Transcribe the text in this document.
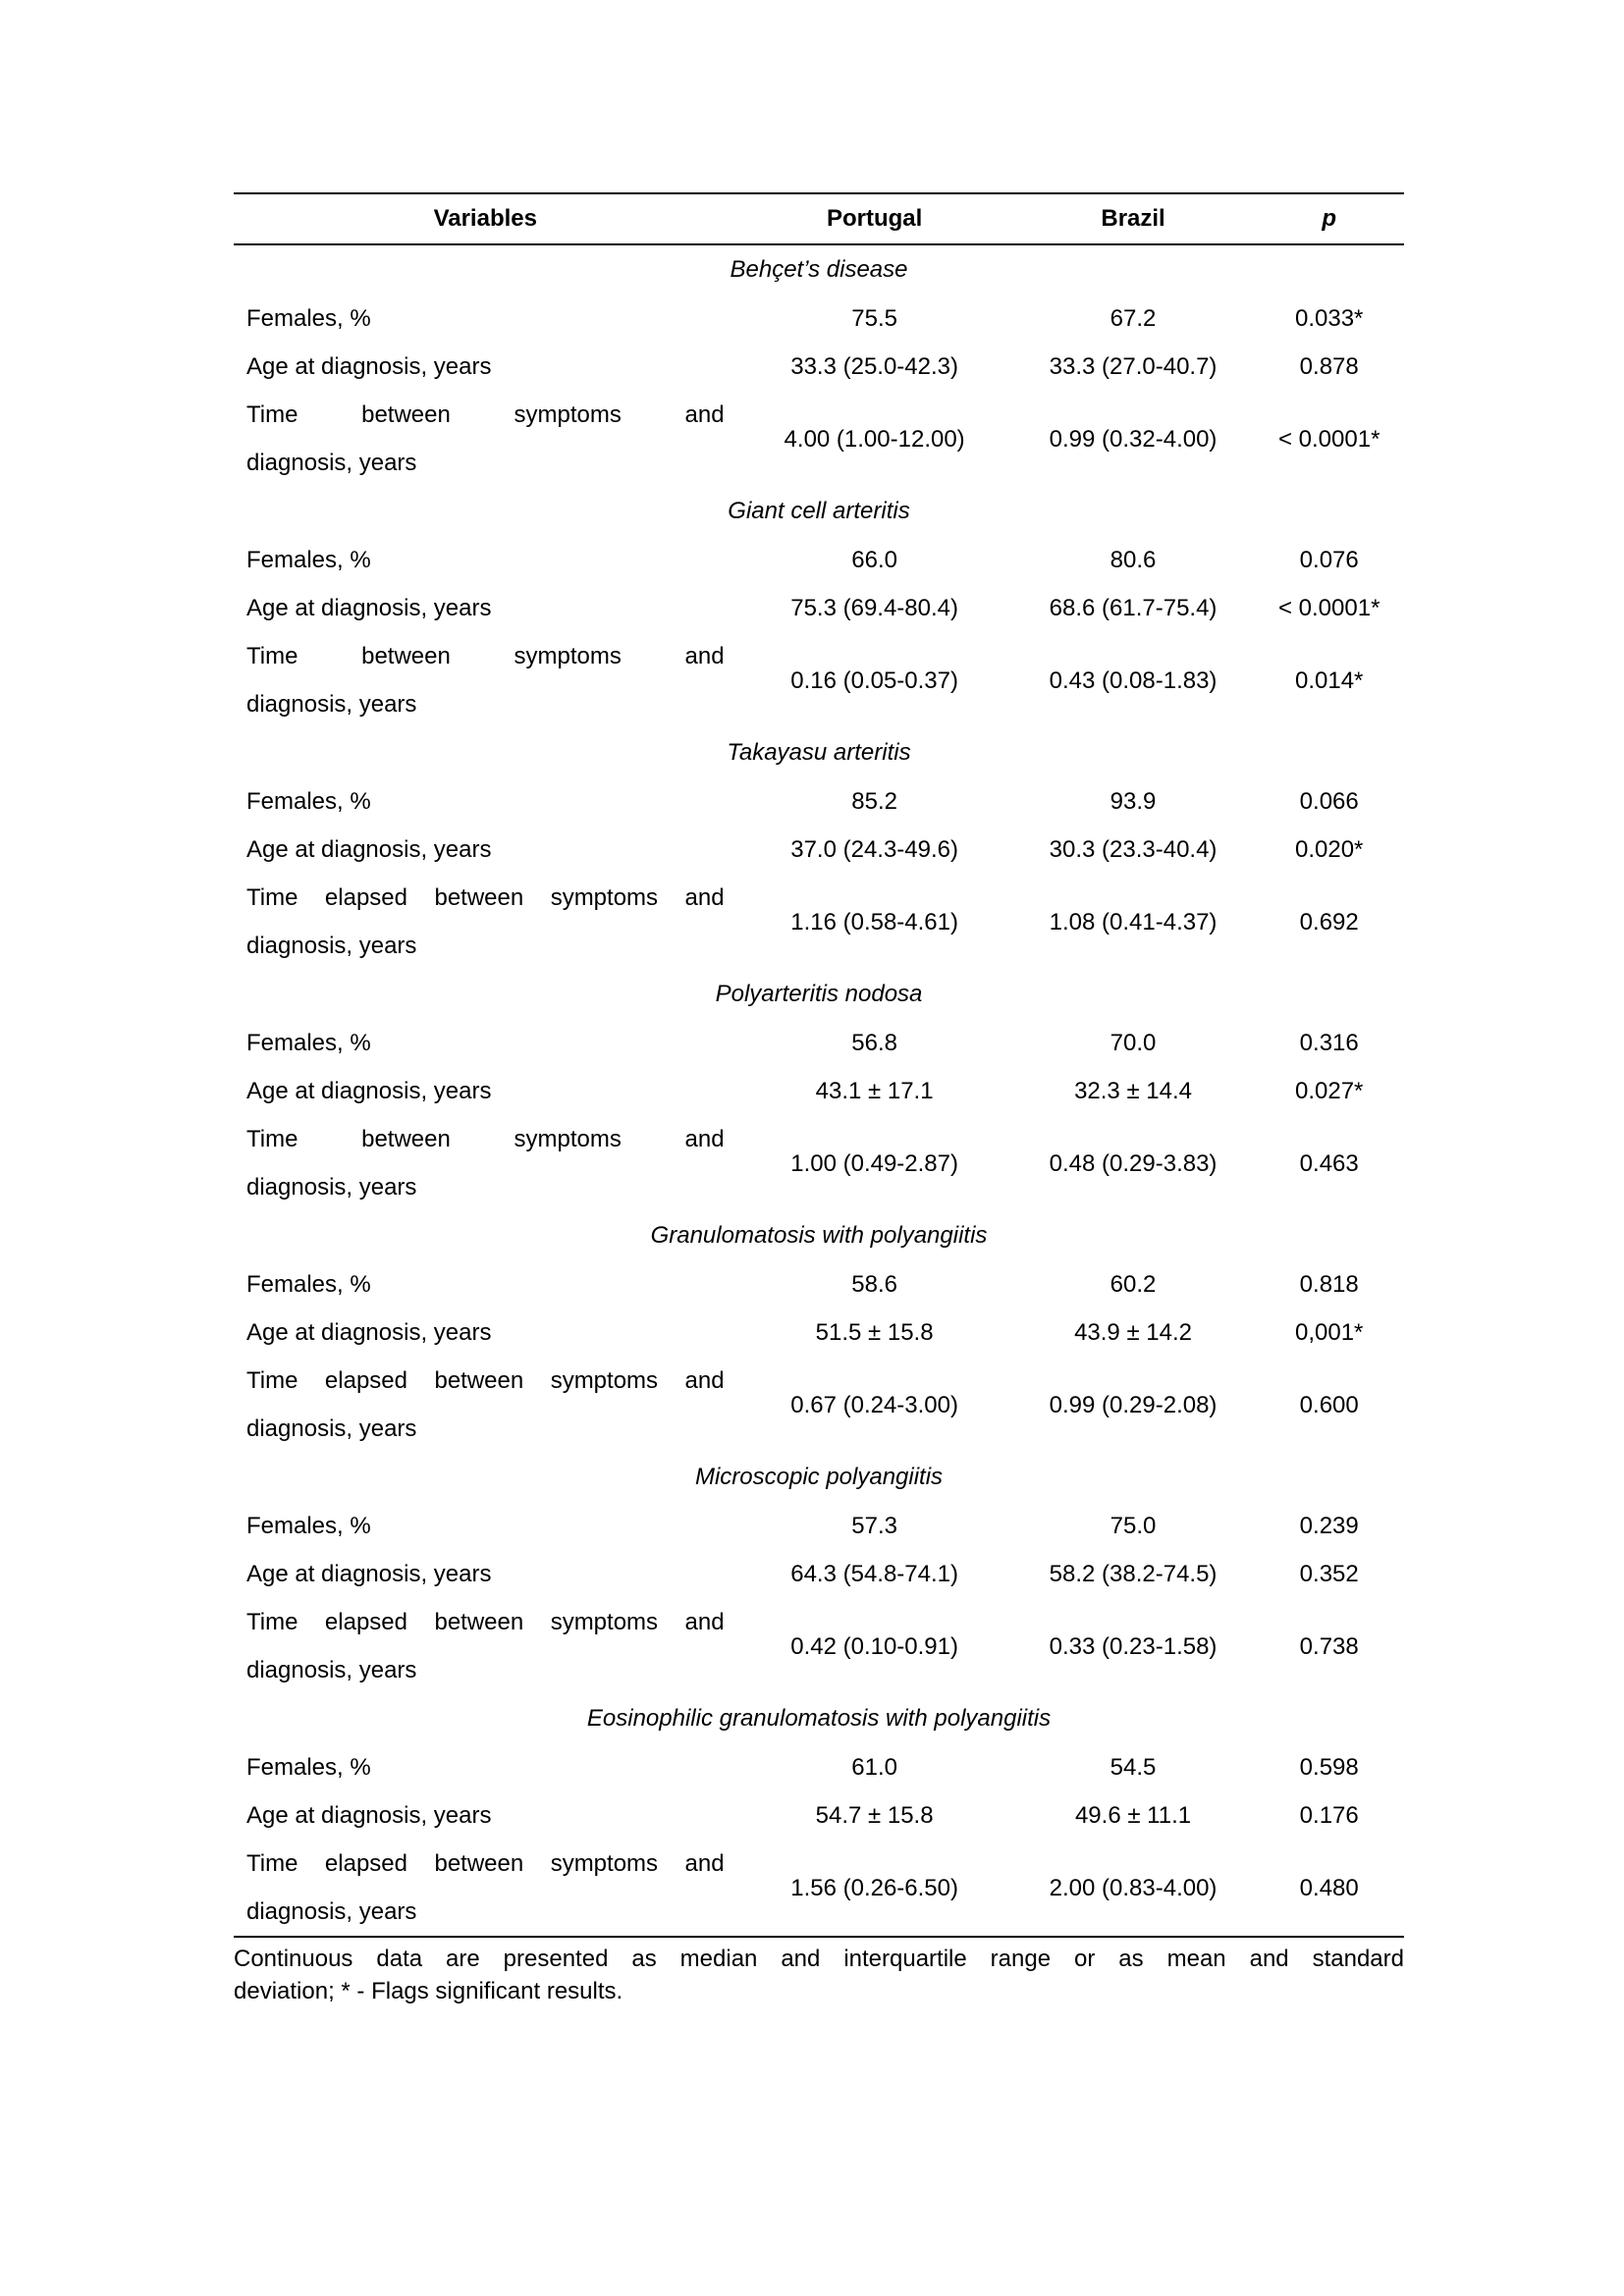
Variables	Portugal	Brazil	p
Behçet’s disease			

Females, %	75.5	67.2	0.033*

Age at diagnosis, years	33.3 (25.0-42.3)	33.3 (27.0-40.7)	0.878

Time between symptoms and
diagnosis, years	4.00 (1.00-12.00)	0.99 (0.32-4.00)	< 0.0001*
Giant cell arteritis			

Females, %	66.0	80.6	0.076

Age at diagnosis, years	75.3 (69.4-80.4)	68.6 (61.7-75.4)	< 0.0001*

Time between symptoms and
diagnosis, years	0.16 (0.05-0.37)	0.43 (0.08-1.83)	0.014*
Takayasu arteritis			

Females, %	85.2	93.9	0.066

Age at diagnosis, years	37.0 (24.3-49.6)	30.3 (23.3-40.4)	0.020*

Time elapsed between symptoms and
diagnosis, years	1.16 (0.58-4.61)	1.08 (0.41-4.37)	0.692
Polyarteritis nodosa			

Females, %	56.8	70.0	0.316

Age at diagnosis, years	43.1 ± 17.1	32.3 ± 14.4	0.027*

Time between symptoms and
diagnosis, years	1.00 (0.49-2.87)	0.48 (0.29-3.83)	0.463
Granulomatosis with polyangiitis			

Females, %	58.6	60.2	0.818

Age at diagnosis, years	51.5 ± 15.8	43.9 ± 14.2	0,001*

Time elapsed between symptoms and
diagnosis, years	0.67 (0.24-3.00)	0.99 (0.29-2.08)	0.600
Microscopic polyangiitis			

Females, %	57.3	75.0	0.239

Age at diagnosis, years	64.3 (54.8-74.1)	58.2 (38.2-74.5)	0.352

Time elapsed between symptoms and
diagnosis, years	0.42 (0.10-0.91)	0.33 (0.23-1.58)	0.738
Eosinophilic granulomatosis with polyangiitis			

Females, %	61.0	54.5	0.598

Age at diagnosis, years	54.7 ± 15.8	49.6 ± 11.1	0.176

Time elapsed between symptoms and
diagnosis, years	1.56 (0.26-6.50)	2.00 (0.83-4.00)	0.480
Continuous data are presented as median and interquartile range or as mean and standard
deviation; * - Flags significant results.
